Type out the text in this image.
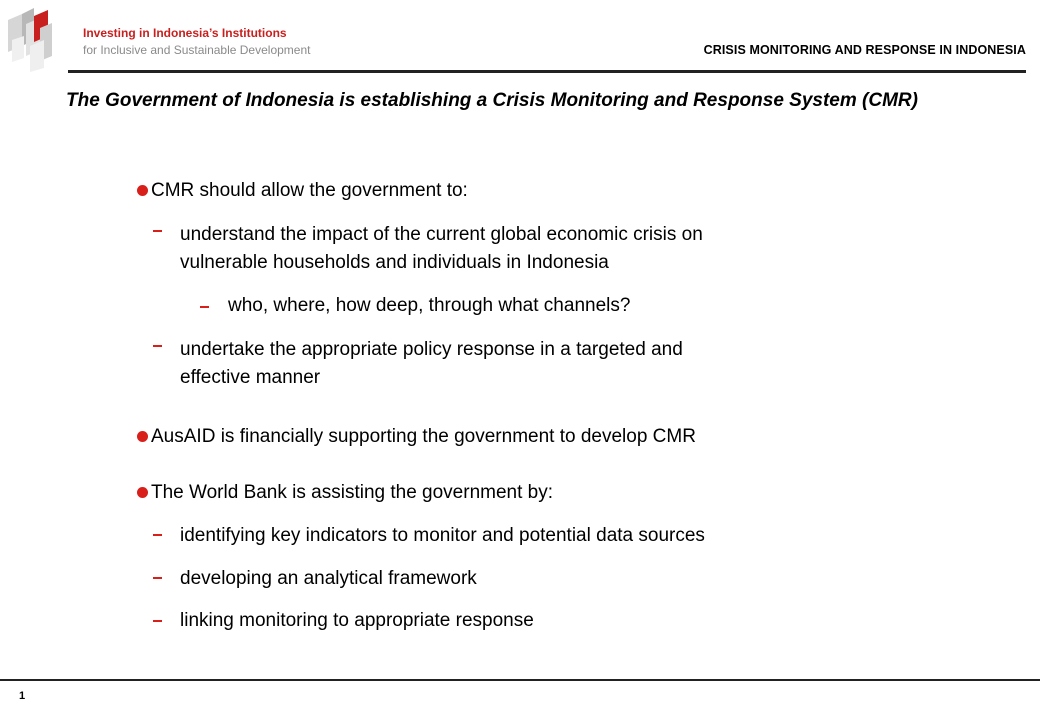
Investing in Indonesia’s Institutions
for Inclusive and Sustainable Development	CRISIS MONITORING AND RESPONSE IN INDONESIA
The Government of Indonesia is establishing a Crisis Monitoring and Response System (CMR)
CMR should allow the government to:
understand the impact of the current global economic crisis on
vulnerable households and individuals in Indonesia
who, where, how deep, through what channels?
undertake the appropriate policy response in a targeted and
effective manner
AusAID is financially supporting the government to develop CMR
The World Bank is assisting the government by:
identifying key indicators to monitor and potential data sources
developing an analytical framework
linking monitoring to appropriate response
1
